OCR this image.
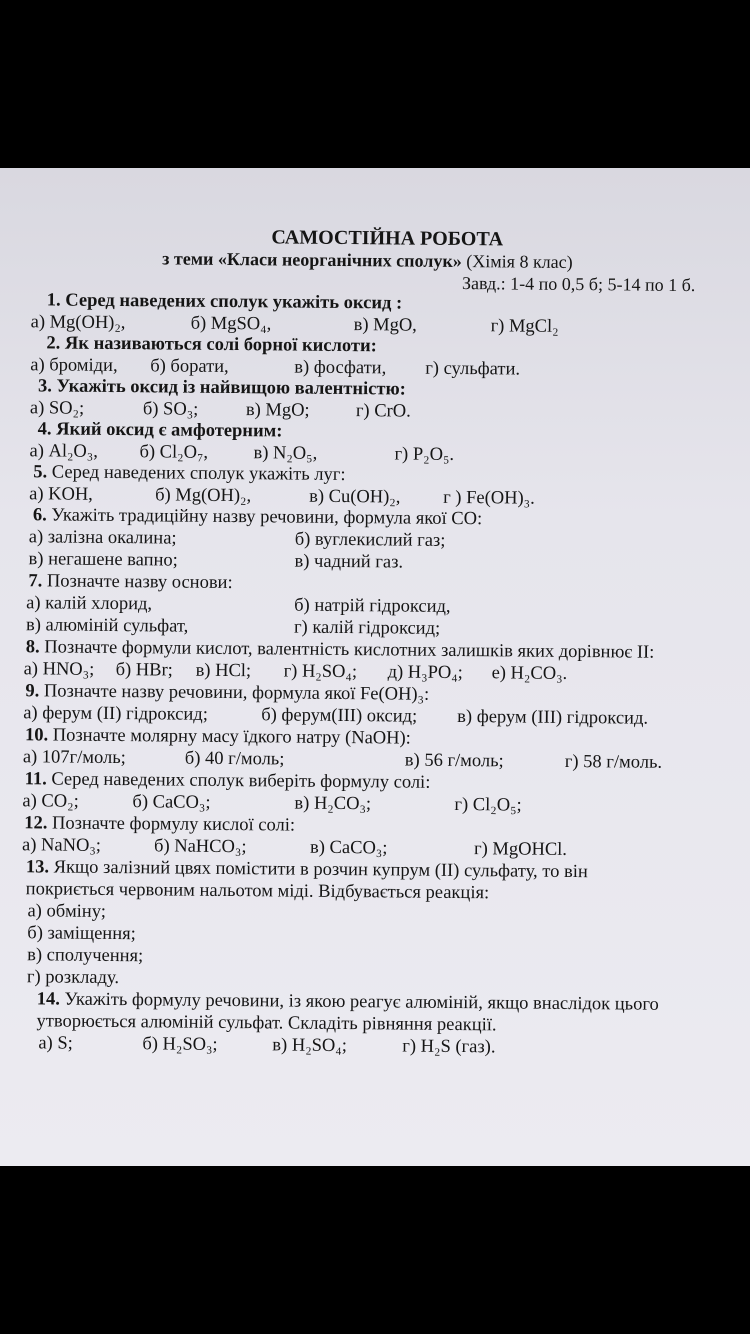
САМОСТІЙНА РОБОТА
з теми «Класи неорганічних сполук» (Хімія 8 клас)
Завд.: 1-4 по 0,5 б; 5-14 по 1 б.
1. Серед наведених сполук укажіть оксид :
а) Mg(OH)₂,	б) MgSO₄,	в) MgO,	г) MgCl₂
2. Як називаються солі борної кислоти:
а) броміди, б) борати,	в) фосфати, г) сульфати.
3. Укажіть оксид із найвищою валентністю:
а) SO₂;	б) SO₃;	в) MgO; г) CrO.
4. Який оксид є амфотерним:
а) Al₂O₃, б) Cl₂O₇, в) N₂O₅,	г) P₂O₅.
5. Серед наведених сполук укажіть луг:
а) KOH,	б) Mg(OH)₂,	в) Cu(OH)₂, г ) Fe(OH)₃.
6. Укажіть традиційну назву речовини, формула якої CO:
а) залізна окалина;	б) вуглекислий газ;
в) негашене вапно;	в) чадний газ.
7. Позначте назву основи:
а) калій хлорид,	б) натрій гідроксид,
в) алюміній сульфат,	г) калій гідроксид;
8. Позначте формули кислот, валентність кислотних залишків яких дорівнює ІІ:
а) HNO₃; б) HBr; в) HCl; г) H₂SO₄; д) H₃PO₄; е) H₂CO₃.
9. Позначте назву речовини, формула якої Fe(OH)₃:
а) ферум (ІІ) гідроксид;	б) ферум(ІІІ) оксид; в) ферум (ІІІ) гідроксид.
10. Позначте молярну масу їдкого натру (NaOH):
а) 107г/моль;	б) 40 г/моль;	в) 56 г/моль;	г) 58 г/моль.
11. Серед наведених сполук виберіть формулу солі:
а) CO₂;	б) CaCO₃;	в) H₂CO₃;	г) Cl₂O₅;
12. Позначте формулу кислої солі:
а) NaNO₃;	б) NaHCO₃;	в) CaCO₃;	г) MgOHCl.
13. Якщо залізний цвях помістити в розчин купрум (ІІ) сульфату, то він
покриється червоним нальотом міді. Відбувається реакція:
а) обміну;
б) заміщення;
в) сполучення;
г) розкладу.
14. Укажіть формулу речовини, із якою реагує алюміній, якщо внаслідок цього
утворюється алюміній сульфат. Складіть рівняння реакції.
а) S;	б) H₂SO₃;	в) H₂SO₄;	г) H₂S (газ).
